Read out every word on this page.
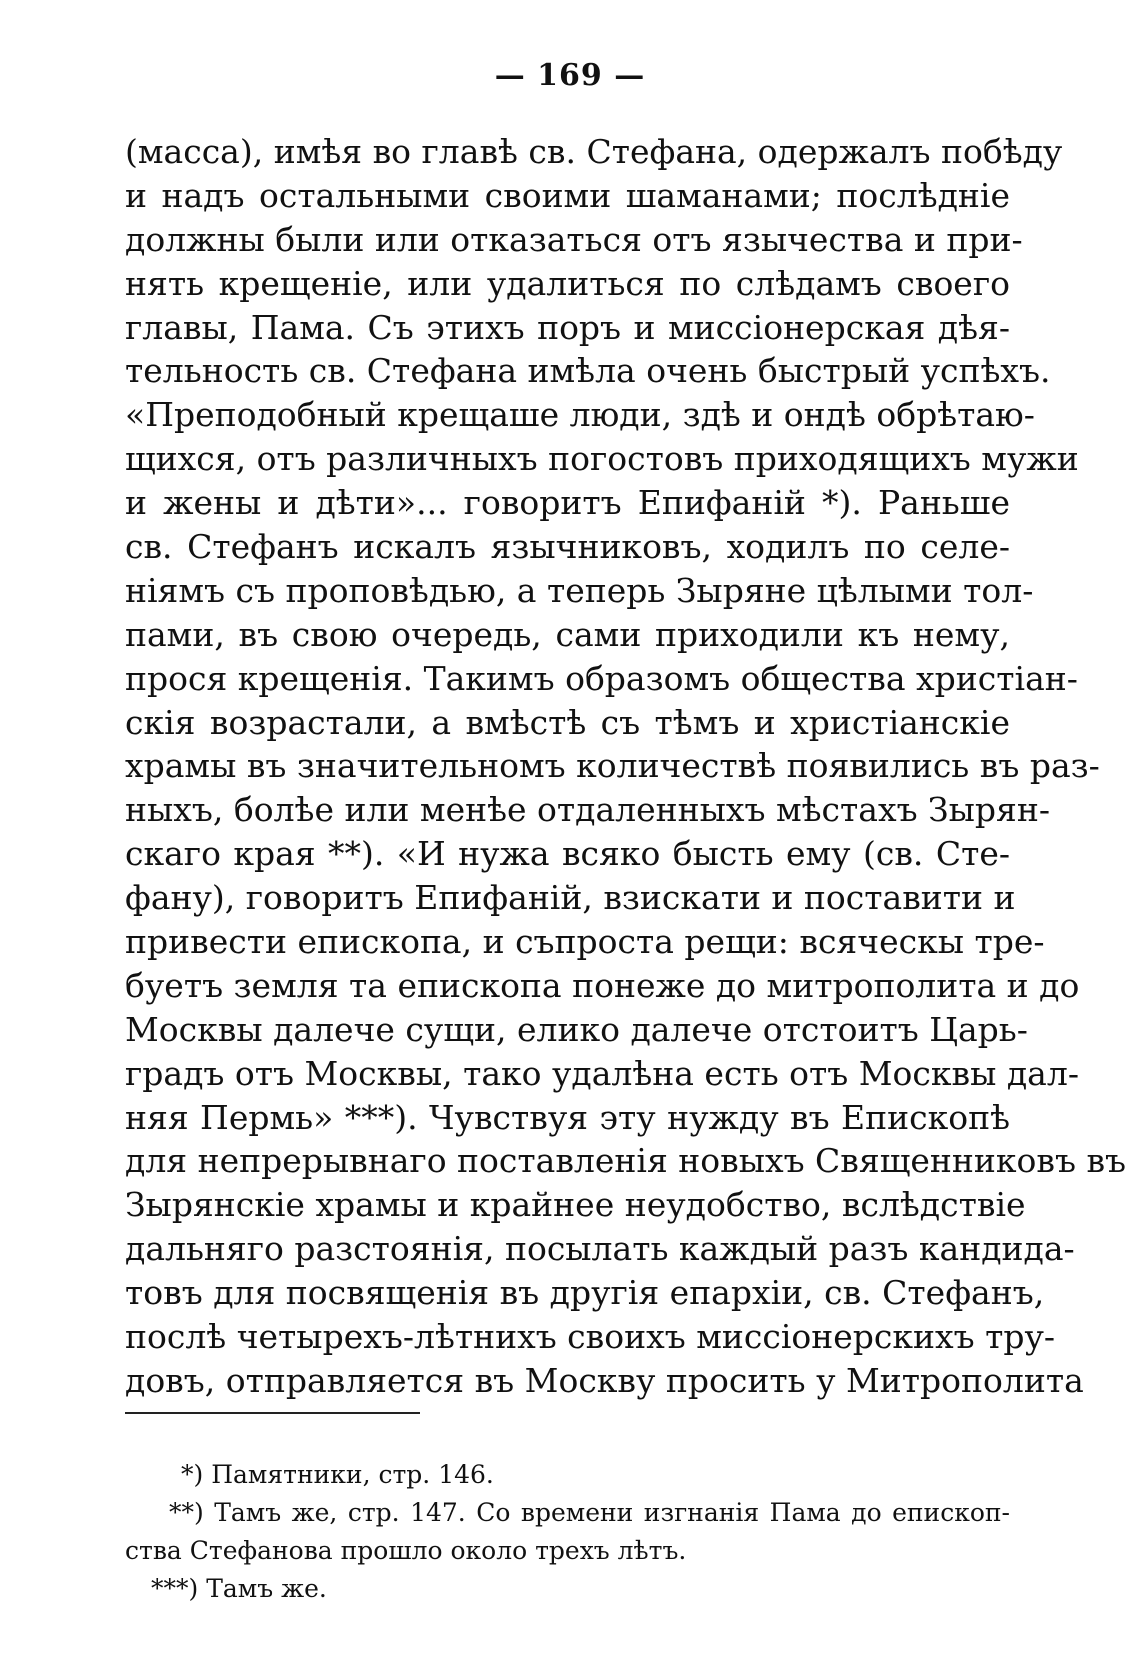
— 169 —
(масса), имѣя во главѣ св. Стефана, одержалъ побѣду
и надъ остальными своими шаманами; послѣдніе
должны были или отказаться отъ язычества и при-
нять крещеніе, или удалиться по слѣдамъ своего
главы, Пама. Съ этихъ поръ и миссіонерская дѣя-
тельность св. Стефана имѣла очень быстрый успѣхъ.
«Преподобный крещаше люди, здѣ и ондѣ обрѣтаю-
щихся, отъ различныхъ погостовъ приходящихъ мужи
и жены и дѣти»... говоритъ Епифаній *). Раньше
св. Стефанъ искалъ язычниковъ, ходилъ по селе-
ніямъ съ проповѣдью, а теперь Зыряне цѣлыми тол-
пами, въ свою очередь, сами приходили къ нему,
прося крещенія. Такимъ образомъ общества христіан-
скія возрастали, а вмѣстѣ съ тѣмъ и христіанскіе
храмы въ значительномъ количествѣ появились въ раз-
ныхъ, болѣе или менѣе отдаленныхъ мѣстахъ Зырян-
скаго края **). «И нужа всяко бысть ему (св. Сте-
фану), говоритъ Епифаній, взискати и поставити и
привести епископа, и съпроста рещи: всяческы тре-
буетъ земля та епископа понеже до митрополита и до
Москвы далече сущи, елико далече отстоитъ Царь-
градъ отъ Москвы, тако удалѣна есть отъ Москвы дал-
няя Пермь» ***). Чувствуя эту нужду въ Епископѣ
для непрерывнаго поставленія новыхъ Священниковъ въ
Зырянскіе храмы и крайнее неудобство, вслѣдствіе
дальняго разстоянія, посылать каждый разъ кандида-
товъ для посвященія въ другія епархіи, св. Стефанъ,
послѣ четырехъ-лѣтнихъ своихъ миссіонерскихъ тру-
довъ, отправляется въ Москву просить у Митрополита
*) Памятники, стр. 146.
**) Тамъ же, стр. 147. Со времени изгнанія Пама до епископ-
ства Стефанова прошло около трехъ лѣтъ.
***) Тамъ же.
